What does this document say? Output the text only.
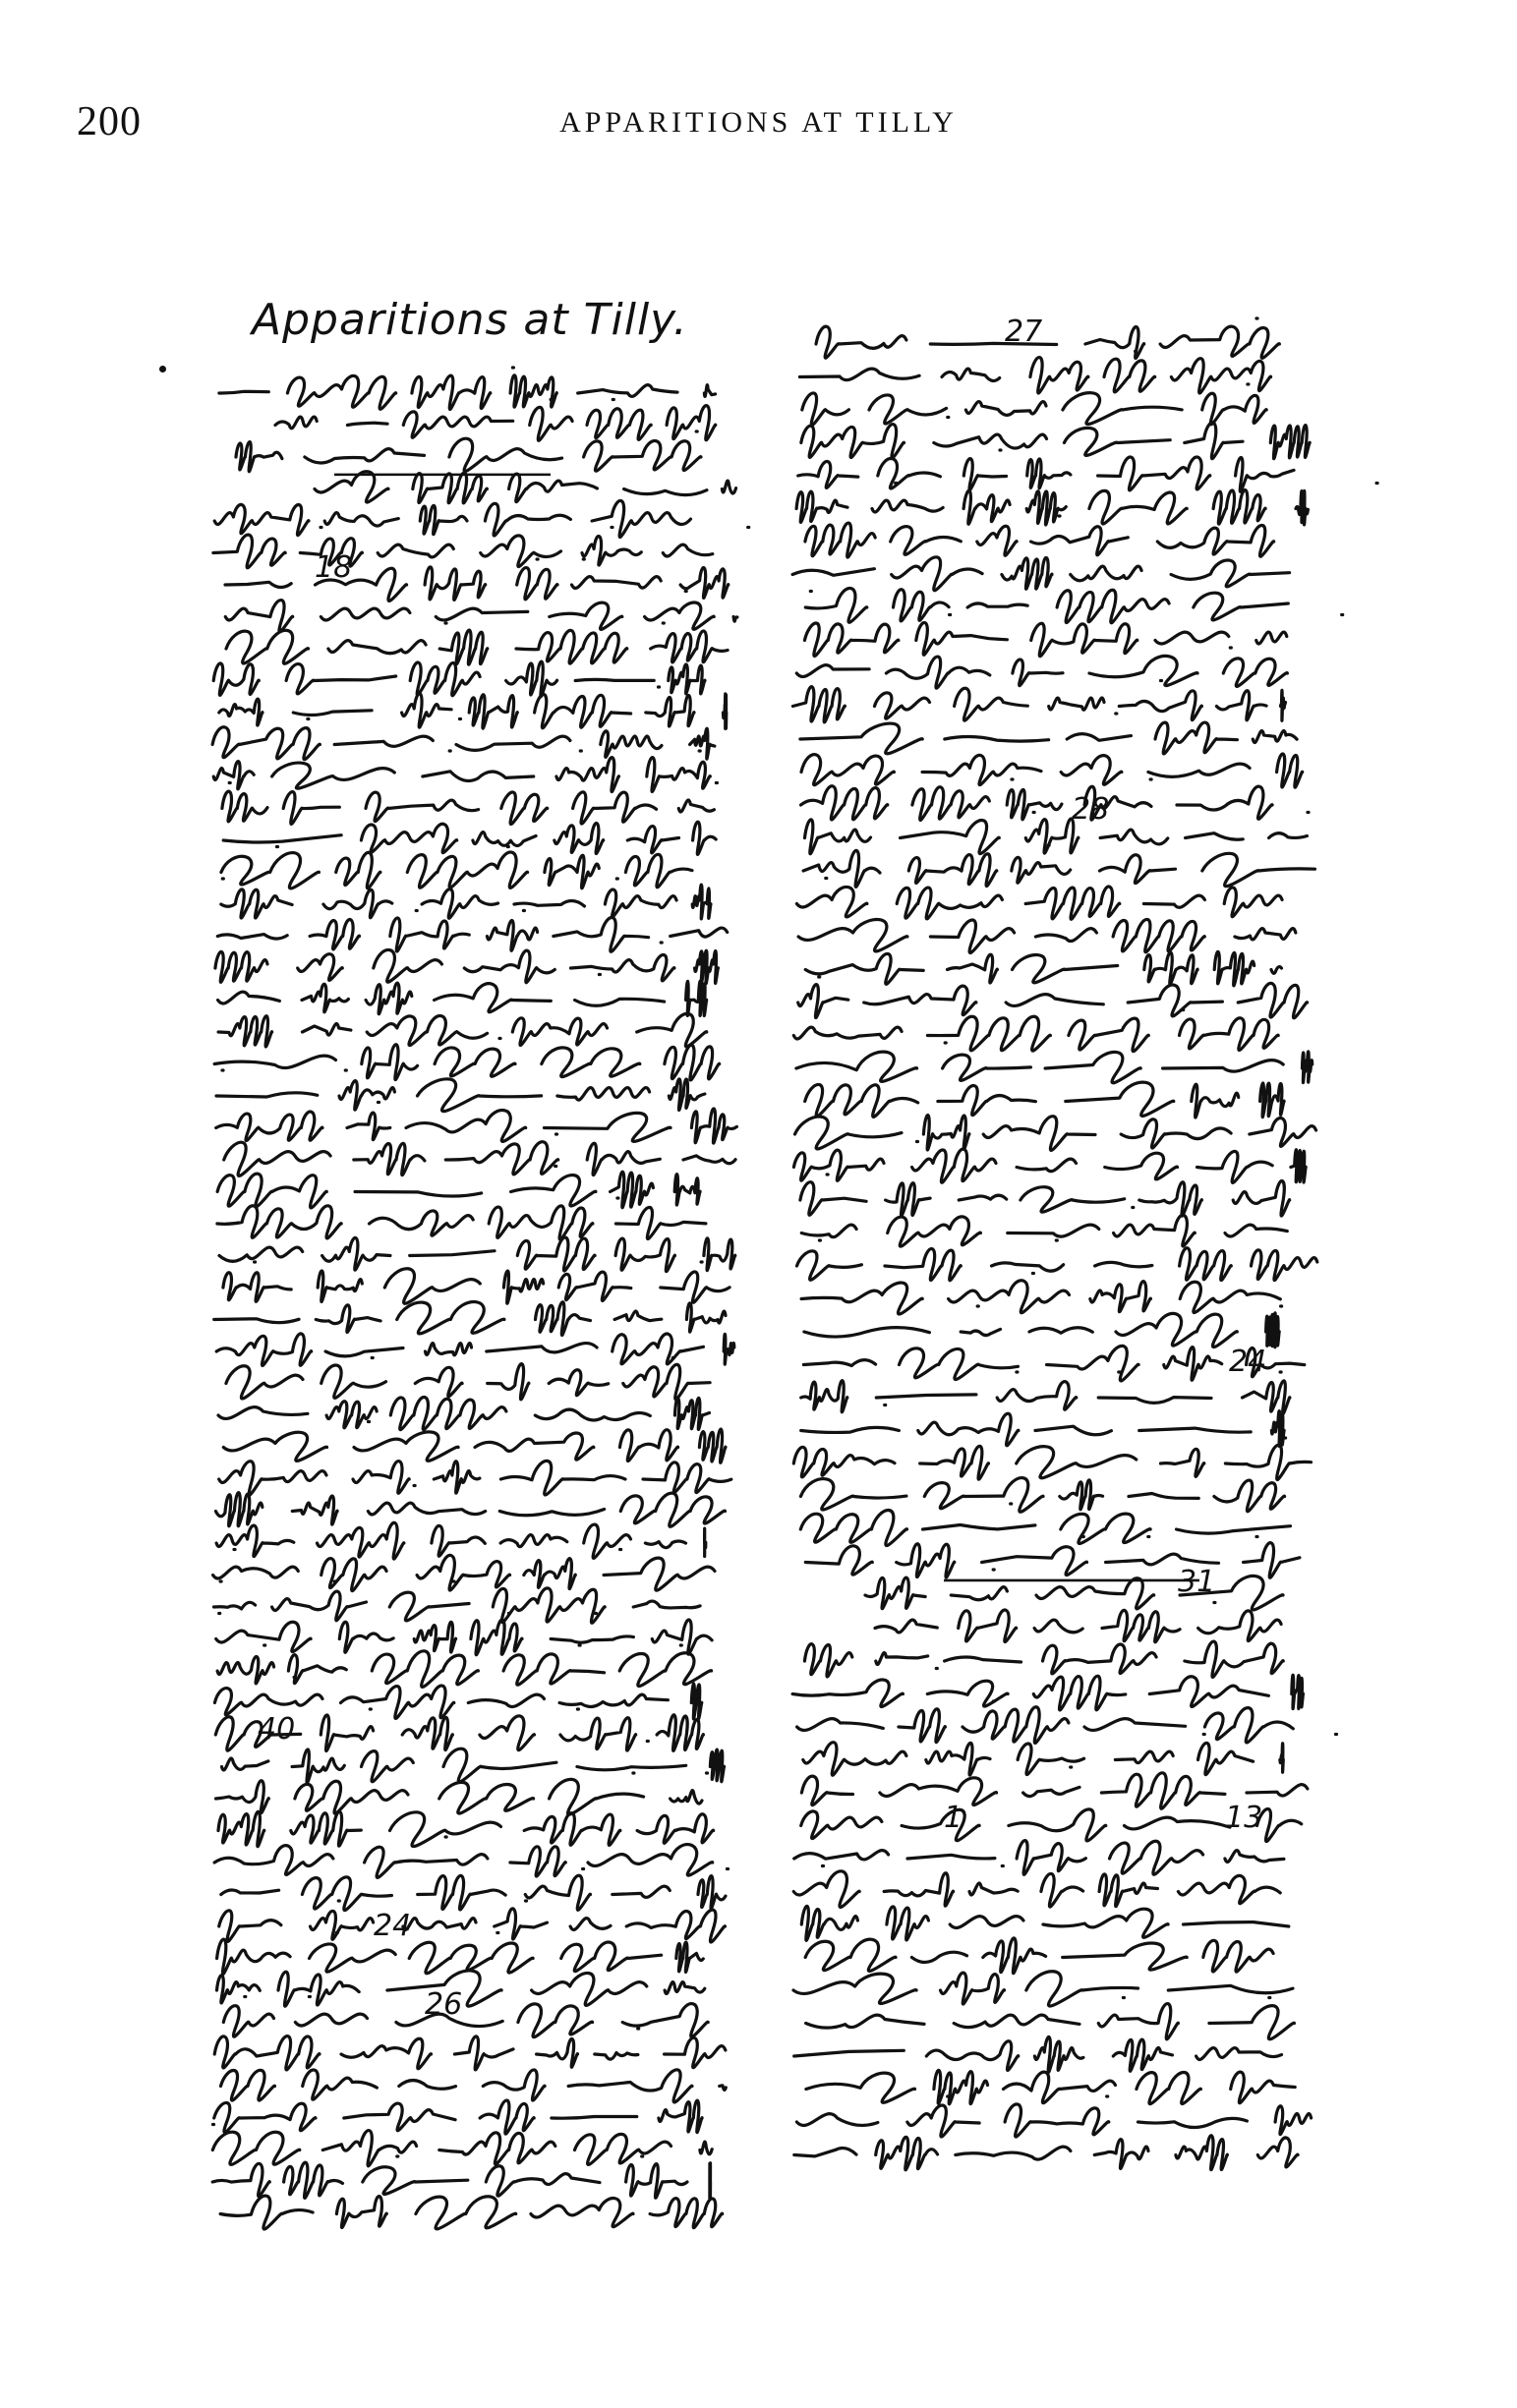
200	APPARITIONS AT TILLY
Apparitions at Tilly.
18
40
24
26
27
28
24
31
1	13
